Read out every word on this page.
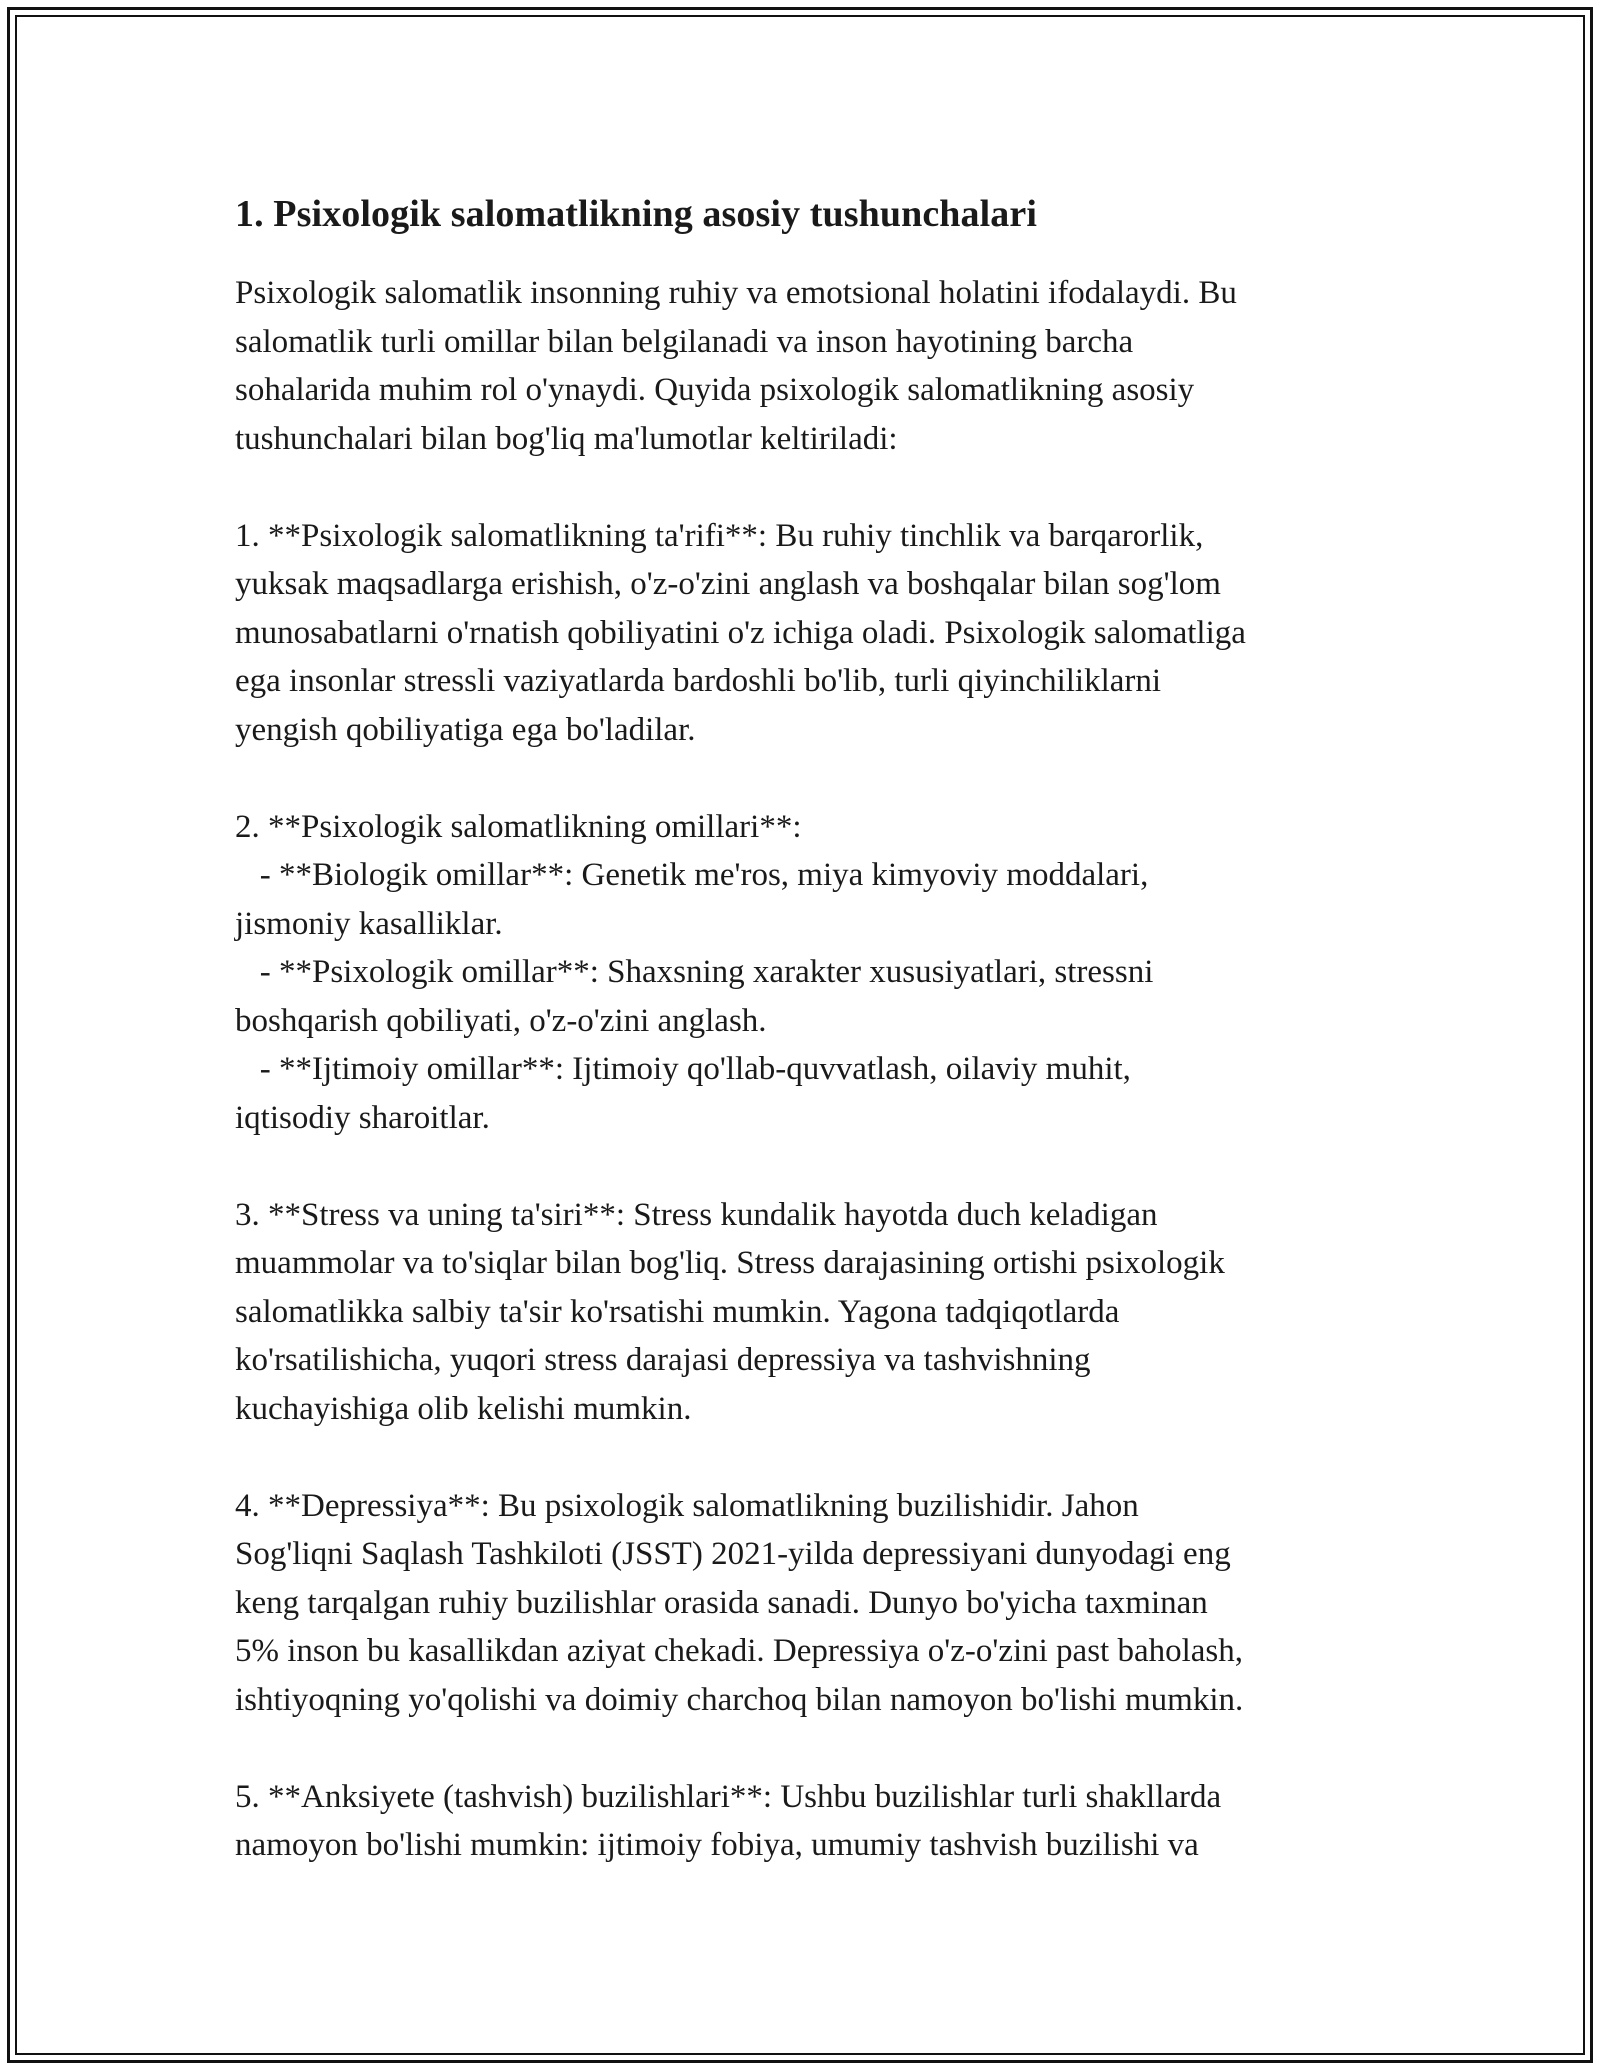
1. Psixologik salomatlikning asosiy tushunchalari

Psixologik salomatlik insonning ruhiy va emotsional holatini ifodalaydi. Bu
salomatlik turli omillar bilan belgilanadi va inson hayotining barcha
sohalarida muhim rol o'ynaydi. Quyida psixologik salomatlikning asosiy
tushunchalari bilan bog'liq ma'lumotlar keltiriladi:

1. **Psixologik salomatlikning ta'rifi**: Bu ruhiy tinchlik va barqarorlik,
yuksak maqsadlarga erishish, o'z-o'zini anglash va boshqalar bilan sog'lom
munosabatlarni o'rnatish qobiliyatini o'z ichiga oladi. Psixologik salomatliga
ega insonlar stressli vaziyatlarda bardoshli bo'lib, turli qiyinchiliklarni
yengish qobiliyatiga ega bo'ladilar.

2. **Psixologik salomatlikning omillari**:
- **Biologik omillar**: Genetik me'ros, miya kimyoviy moddalari,
jismoniy kasalliklar.
- **Psixologik omillar**: Shaxsning xarakter xususiyatlari, stressni
boshqarish qobiliyati, o'z-o'zini anglash.
- **Ijtimoiy omillar**: Ijtimoiy qo'llab-quvvatlash, oilaviy muhit,
iqtisodiy sharoitlar.

3. **Stress va uning ta'siri**: Stress kundalik hayotda duch keladigan
muammolar va to'siqlar bilan bog'liq. Stress darajasining ortishi psixologik
salomatlikka salbiy ta'sir ko'rsatishi mumkin. Yagona tadqiqotlarda
ko'rsatilishicha, yuqori stress darajasi depressiya va tashvishning
kuchayishiga olib kelishi mumkin.

4. **Depressiya**: Bu psixologik salomatlikning buzilishidir. Jahon
Sog'liqni Saqlash Tashkiloti (JSST) 2021-yilda depressiyani dunyodagi eng
keng tarqalgan ruhiy buzilishlar orasida sanadi. Dunyo bo'yicha taxminan
5% inson bu kasallikdan aziyat chekadi. Depressiya o'z-o'zini past baholash,
ishtiyoqning yo'qolishi va doimiy charchoq bilan namoyon bo'lishi mumkin.

5. **Anksiyete (tashvish) buzilishlari**: Ushbu buzilishlar turli shakllarda
namoyon bo'lishi mumkin: ijtimoiy fobiya, umumiy tashvish buzilishi va
